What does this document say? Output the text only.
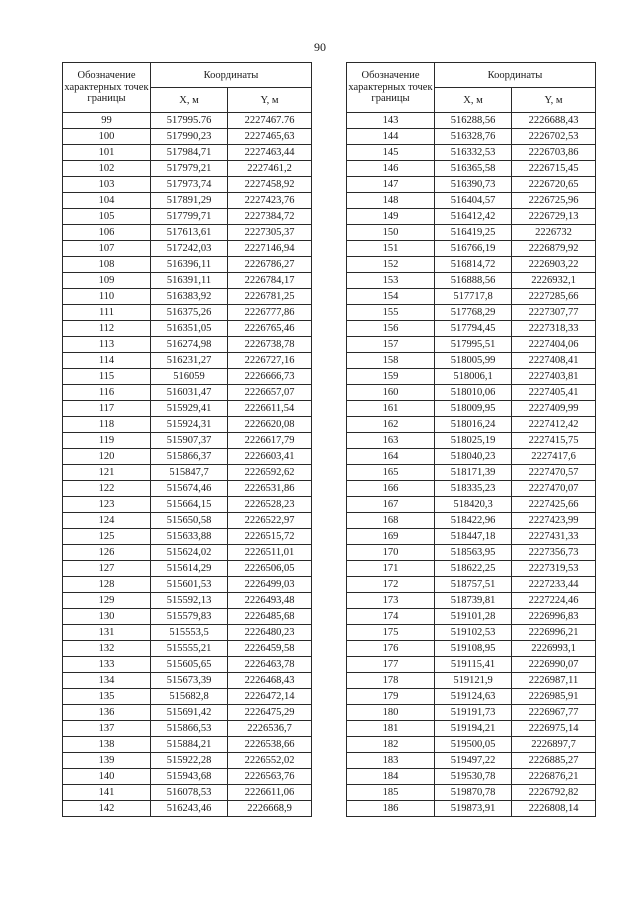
90
Обозначение характерных точек границы	Координаты	
	X, м	Y, м
99	517995.76	2227467.76
100	517990,23	2227465,63
101	517984,71	2227463,44
102	517979,21	2227461,2
103	517973,74	2227458,92
104	517891,29	2227423,76
105	517799,71	2227384,72
106	517613,61	2227305,37
107	517242,03	2227146,94
108	516396,11	2226786,27
109	516391,11	2226784,17
110	516383,92	2226781,25
111	516375,26	2226777,86
112	516351,05	2226765,46
113	516274,98	2226738,78
114	516231,27	2226727,16
115	516059	2226666,73
116	516031,47	2226657,07
117	515929,41	2226611,54
118	515924,31	2226620,08
119	515907,37	2226617,79
120	515866,37	2226603,41
121	515847,7	2226592,62
122	515674,46	2226531,86
123	515664,15	2226528,23
124	515650,58	2226522,97
125	515633,88	2226515,72
126	515624,02	2226511,01
127	515614,29	2226506,05
128	515601,53	2226499,03
129	515592,13	2226493,48
130	515579,83	2226485,68
131	515553,5	2226480,23
132	515555,21	2226459,58
133	515605,65	2226463,78
134	515673,39	2226468,43
135	515682,8	2226472,14
136	515691,42	2226475,29
137	515866,53	2226536,7
138	515884,21	2226538,66
139	515922,28	2226552,02
140	515943,68	2226563,76
141	516078,53	2226611,06
142	516243,46	2226668,9
Обозначение характерных точек границы	Координаты	
	X, м	Y, м
143	516288,56	2226688,43
144	516328,76	2226702,53
145	516332,53	2226703,86
146	516365,58	2226715,45
147	516390,73	2226720,65
148	516404,57	2226725,96
149	516412,42	2226729,13
150	516419,25	2226732
151	516766,19	2226879,92
152	516814,72	2226903,22
153	516888,56	2226932,1
154	517717,8	2227285,66
155	517768,29	2227307,77
156	517794,45	2227318,33
157	517995,51	2227404,06
158	518005,99	2227408,41
159	518006,1	2227403,81
160	518010,06	2227405,41
161	518009,95	2227409,99
162	518016,24	2227412,42
163	518025,19	2227415,75
164	518040,23	2227417,6
165	518171,39	2227470,57
166	518335,23	2227470,07
167	518420,3	2227425,66
168	518422,96	2227423,99
169	518447,18	2227431,33
170	518563,95	2227356,73
171	518622,25	2227319,53
172	518757,51	2227233,44
173	518739,81	2227224,46
174	519101,28	2226996,83
175	519102,53	2226996,21
176	519108,95	2226993,1
177	519115,41	2226990,07
178	519121,9	2226987,11
179	519124,63	2226985,91
180	519191,73	2226967,77
181	519194,21	2226975,14
182	519500,05	2226897,7
183	519497,22	2226885,27
184	519530,78	2226876,21
185	519870,78	2226792,82
186	519873,91	2226808,14
